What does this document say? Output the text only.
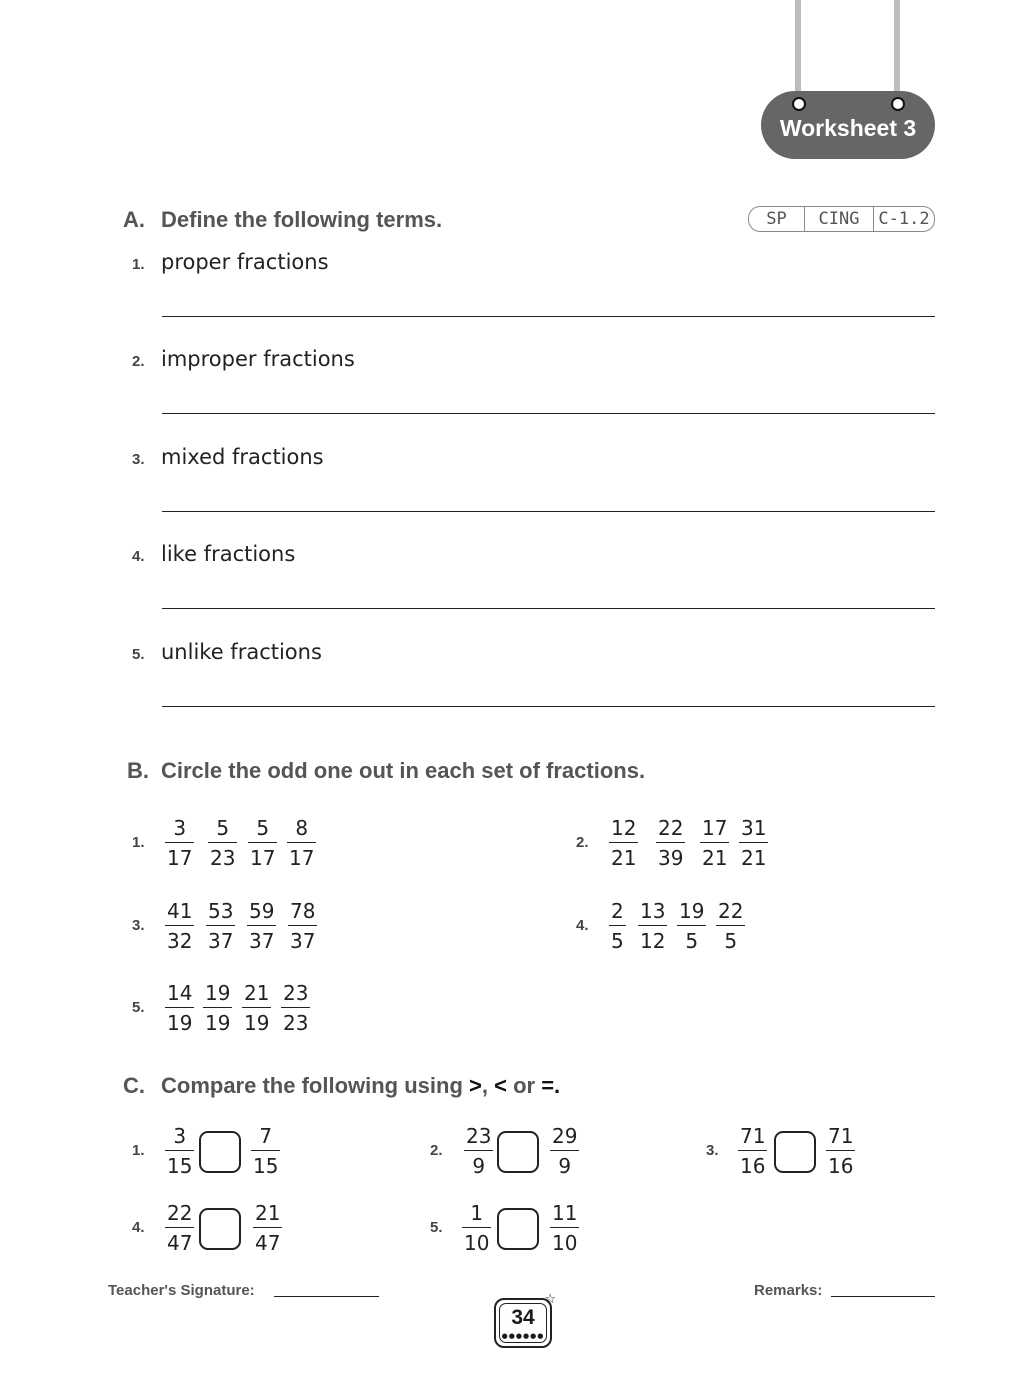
Worksheet 3
A. Define the following terms.	SP	CING	C-1.2
1. proper fractions
2. improper fractions
3. mixed fractions
4. like fractions
5. unlike fractions
B. Circle the odd one out in each set of fractions.
1.
3
17
5
23
5
17
8
17
2.
12
21
22
39
17
21
31
21
3.
41
32
53
37
59
37
78
37
4.
2
5
13
12
19
5
22
5
5.
14
19
19
19
21
19
23
23
C. Compare the following using >, < or =.
1.
3
15
7
15
2.
23
9
29
9
3.
71
16
71
16
4.
22
47
21
47
5.
1
10
11
10
Teacher's Signature:	Remarks:
34
●●●●●●
☆
